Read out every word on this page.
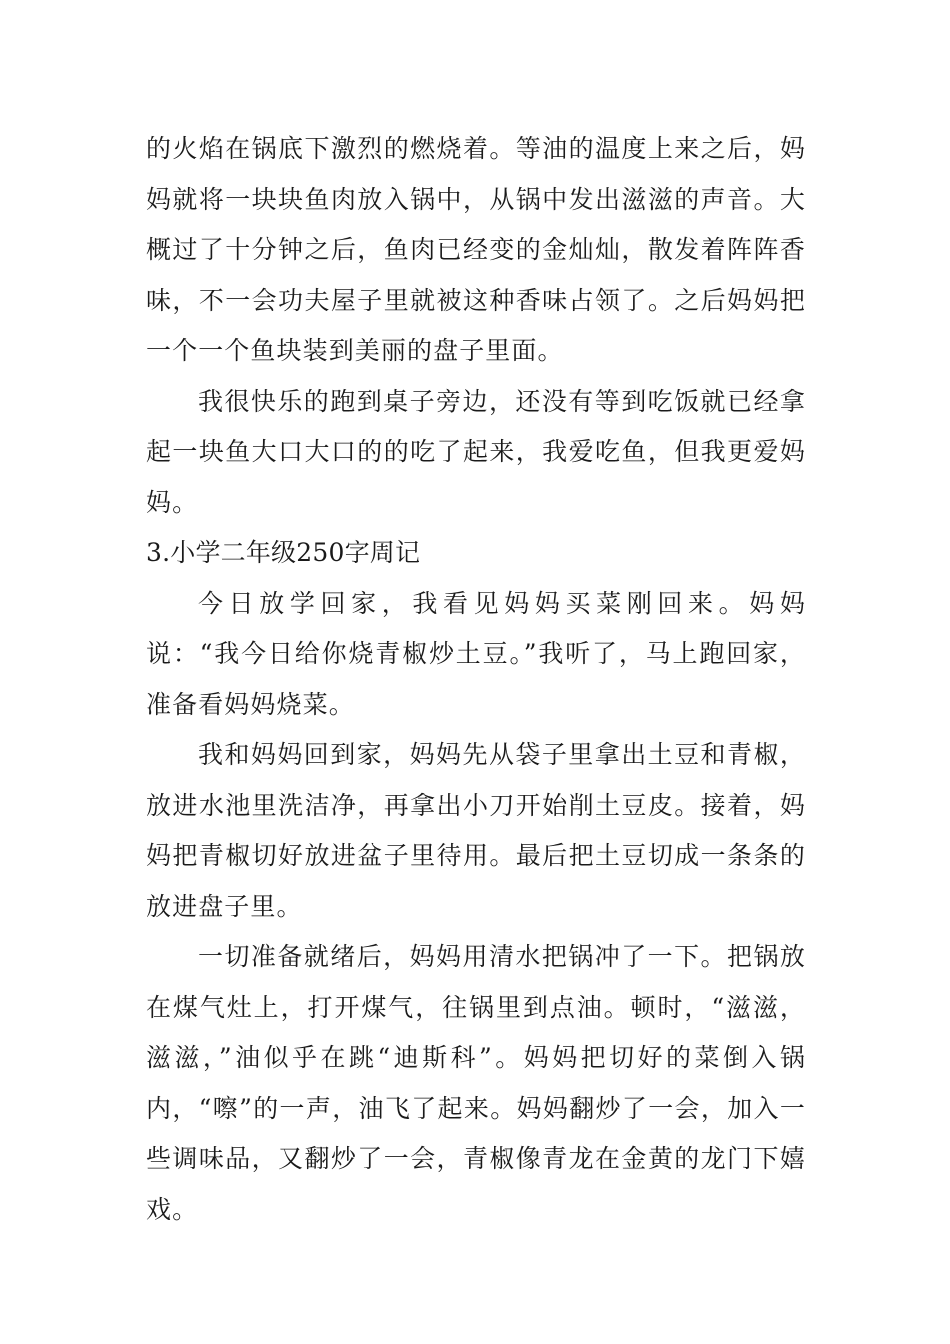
的火焰在锅底下激烈的燃烧着。等油的温度上来之后，妈妈就将一块块鱼肉放入锅中，从锅中发出滋滋的声音。大概过了十分钟之后，鱼肉已经变的金灿灿，散发着阵阵香味，不一会功夫屋子里就被这种香味占领了。之后妈妈把一个一个鱼块装到美丽的盘子里面。

我很快乐的跑到桌子旁边，还没有等到吃饭就已经拿起一块鱼大口大口的的吃了起来，我爱吃鱼，但我更爱妈妈。

3.小学二年级250字周记

今日放学回家，我看见妈妈买菜刚回来。妈妈说：“我今日给你烧青椒炒土豆。”我听了，马上跑回家，准备看妈妈烧菜。

我和妈妈回到家，妈妈先从袋子里拿出土豆和青椒，放进水池里洗洁净，再拿出小刀开始削土豆皮。接着，妈妈把青椒切好放进盆子里待用。最后把土豆切成一条条的放进盘子里。

一切准备就绪后，妈妈用清水把锅冲了一下。把锅放在煤气灶上，打开煤气，往锅里到点油。顿时，“滋滋，滋滋，”油似乎在跳“迪斯科”。妈妈把切好的菜倒入锅内，“嚓”的一声，油飞了起来。妈妈翻炒了一会，加入一些调味品，又翻炒了一会，青椒像青龙在金黄的龙门下嬉戏。
